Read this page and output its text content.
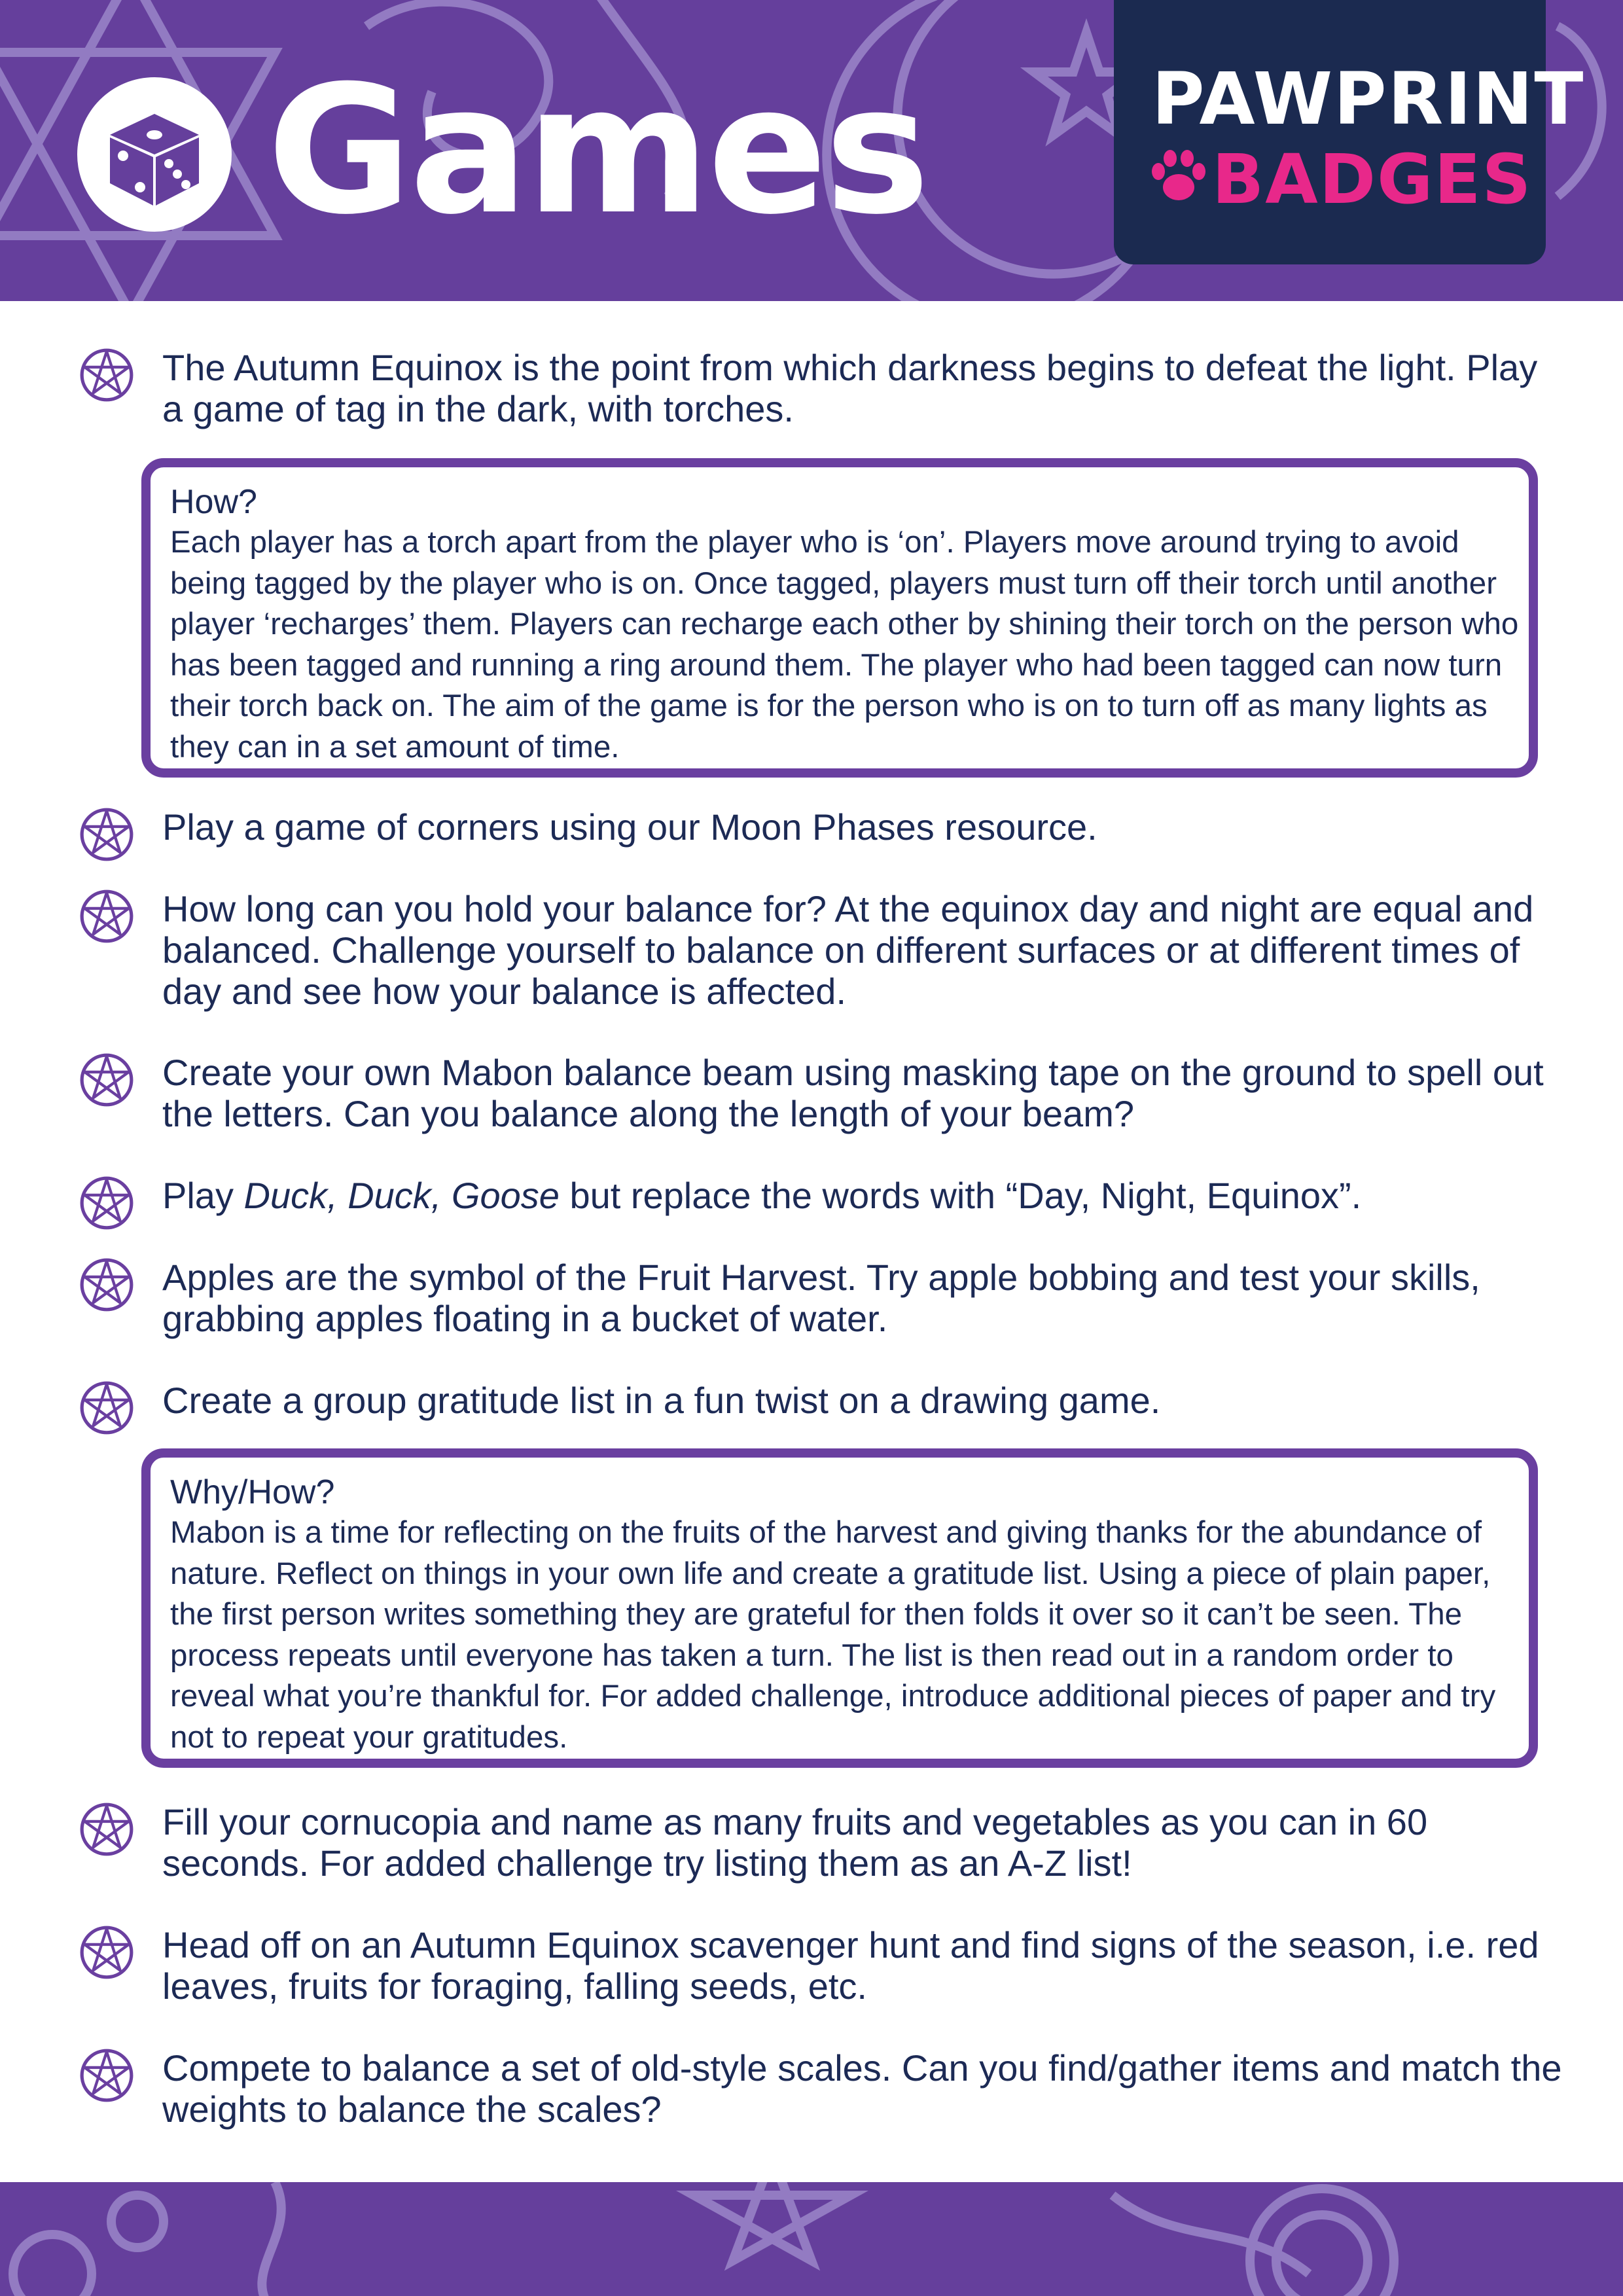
Games	PAWPRINT
BADGES
The Autumn Equinox is the point from which darkness begins to defeat the light. Play a game of tag in the dark, with torches.
How?
Each player has a torch apart from the player who is ‘on’. Players move around trying to avoid being tagged by the player who is on. Once tagged, players must turn off their torch until another player ‘recharges’ them. Players can recharge each other by shining their torch on the person who has been tagged and running a ring around them. The player who had been tagged can now turn their torch back on. The aim of the game is for the person who is on to turn off as many lights as they can in a set amount of time.
Play a game of corners using our Moon Phases resource.
How long can you hold your balance for? At the equinox day and night are equal and balanced. Challenge yourself to balance on different surfaces or at different times of day and see how your balance is affected.
Create your own Mabon balance beam using masking tape on the ground to spell out the letters. Can you balance along the length of your beam?
Play Duck, Duck, Goose but replace the words with “Day, Night, Equinox”.
Apples are the symbol of the Fruit Harvest. Try apple bobbing and test your skills, grabbing apples floating in a bucket of water.
Create a group gratitude list in a fun twist on a drawing game.
Why/How?
Mabon is a time for reflecting on the fruits of the harvest and giving thanks for the abundance of nature. Reflect on things in your own life and create a gratitude list. Using a piece of plain paper, the first person writes something they are grateful for then folds it over so it can’t be seen. The process repeats until everyone has taken a turn. The list is then read out in a random order to reveal what you’re thankful for. For added challenge, introduce additional pieces of paper and try not to repeat your gratitudes.
Fill your cornucopia and name as many fruits and vegetables as you can in 60 seconds. For added challenge try listing them as an A-Z list!
Head off on an Autumn Equinox scavenger hunt and find signs of the season, i.e. red leaves, fruits for foraging, falling seeds, etc.
Compete to balance a set of old-style scales. Can you find/gather items and match the weights to balance the scales?
